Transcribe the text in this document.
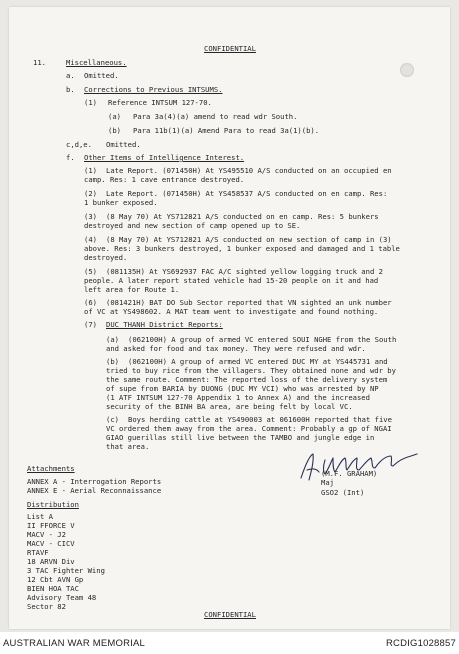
CONFIDENTIAL
11.	Miscellaneous.
a. Omitted.
b. Corrections to Previous INTSUMS.
(1) Reference INTSUM 127-70.
(a) Para 3a(4)(a) amend to read wdr South.
(b) Para 11b(1)(a) Amend Para to read 3a(1)(b).
c,d,e. Omitted.
f. Other Items of Intelligence Interest.
(1) Late Report. (071450H) At YS495510 A/S conducted on an occupied en
camp. Res: 1 cave entrance destroyed.
(2) Late Report. (071450H) At YS458537 A/S conducted on en camp. Res:
1 bunker exposed.
(3) (8 May 70) At YS712821 A/S conducted on en camp. Res: 5 bunkers
destroyed and new section of camp opened up to SE.
(4) (8 May 70) At YS712821 A/S conducted on new section of camp in (3)
above. Res: 3 bunkers destroyed, 1 bunker exposed and damaged and 1 table
destroyed.
(5) (081135H) At YS692937 FAC A/C sighted yellow logging truck and 2
people. A later report stated vehicle had 15-20 people on it and had
left area for Route 1.
(6) (081421H) BAT DO Sub Sector reported that VN sighted an unk number
of VC at YS498602. A MAT team went to investigate and found nothing.
(7) DUC THANH District Reports:
(a) (062100H) A group of armed VC entered SOUI NGHE from the South
and asked for food and tax money. They were refused and wdr.
(b) (062100H) A group of armed VC entered DUC MY at YS445731 and
tried to buy rice from the villagers. They obtained none and wdr by
the same route. Comment: The reported loss of the delivery system
of supe from BARIA by DUONG (DUC MY VCI) who was arrested by NP
(1 ATF INTSUM 127-70 Appendix 1 to Annex A) and the increased
security of the BINH BA area, are being felt by local VC.
(c) Boys herding cattle at YS490003 at 061600H reported that five
VC ordered them away from the area. Comment: Probably a gp of NGAI
GIAO guerillas still live between the TAMBO and jungle edge in
that area.
(M.F. GRAHAM)
Maj
GSO2 (Int)
Attachments
ANNEX A - Interrogation Reports
ANNEX E - Aerial Reconnaissance
Distribution
List A
II FFORCE V
MACV - J2
MACV - CICV
RTAVF
18 ARVN Div
3 TAC Fighter Wing
12 Cbt AVN Gp
BIEN HOA TAC
Advisory Team 48
Sector 82
CONFIDENTIAL
AUSTRALIAN WAR MEMORIAL	RCDIG1028857
